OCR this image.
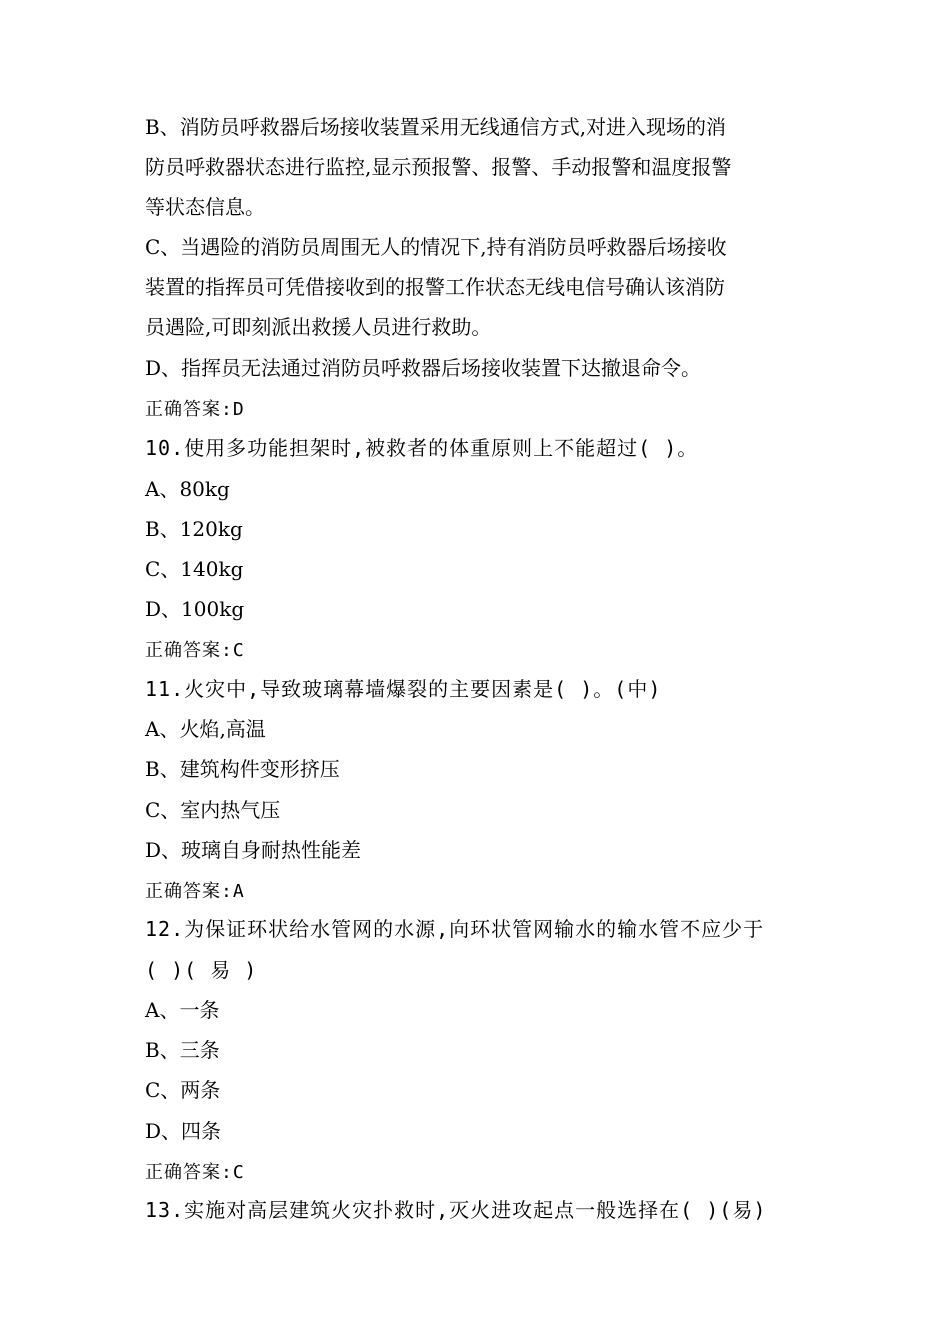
B、消防员呼救器后场接收装置采用无线通信方式,对进入现场的消
防员呼救器状态进行监控,显示预报警、报警、手动报警和温度报警
等状态信息。
C、当遇险的消防员周围无人的情况下,持有消防员呼救器后场接收
装置的指挥员可凭借接收到的报警工作状态无线电信号确认该消防
员遇险,可即刻派出救援人员进行救助。
D、指挥员无法通过消防员呼救器后场接收装置下达撤退命令。
正确答案:D
10.使用多功能担架时,被救者的体重原则上不能超过( )。
A、80kg
B、120kg
C、140kg
D、100kg
正确答案:C
11.火灾中,导致玻璃幕墙爆裂的主要因素是( )。(中)
A、火焰,高温
B、建筑构件变形挤压
C、室内热气压
D、玻璃自身耐热性能差
正确答案:A
12.为保证环状给水管网的水源,向环状管网输水的输水管不应少于
( )( 易 )
A、一条
B、三条
C、两条
D、四条
正确答案:C
13.实施对高层建筑火灾扑救时,灭火进攻起点一般选择在( )(易)
